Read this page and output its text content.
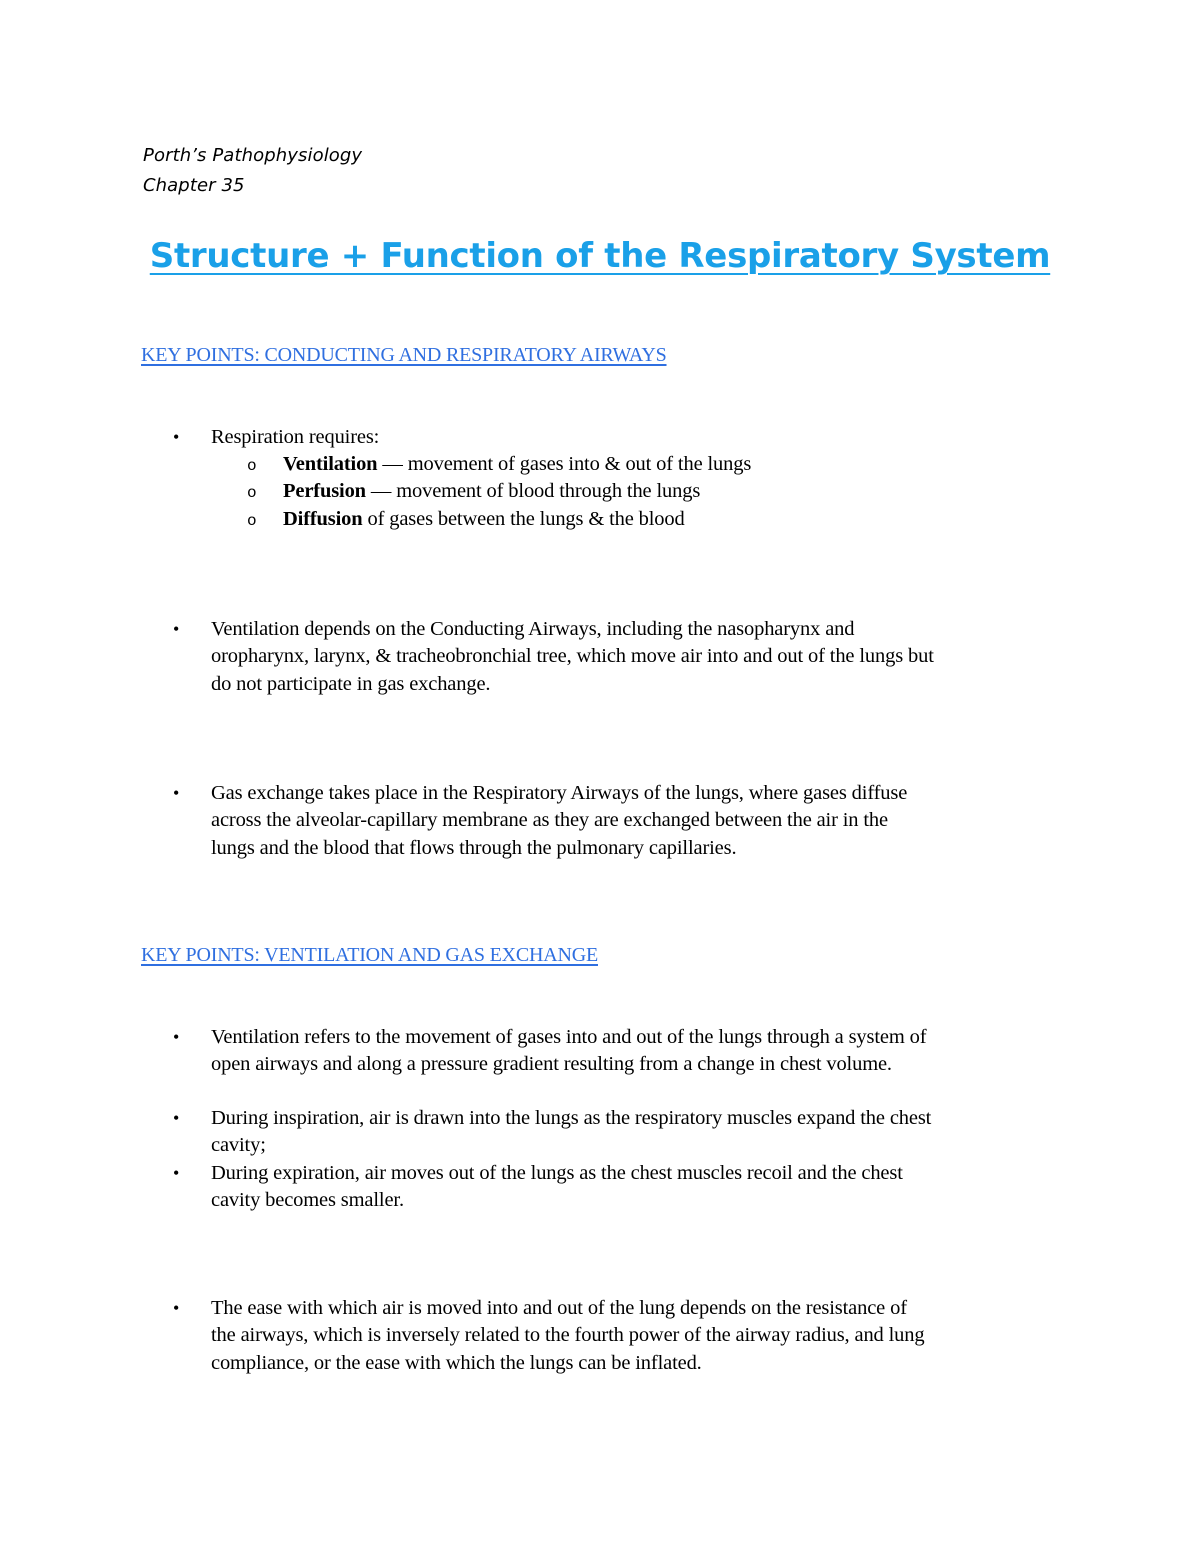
Porth’s Pathophysiology
Chapter 35
Structure + Function of the Respiratory System
KEY POINTS: CONDUCTING AND RESPIRATORY AIRWAYS
• Respiration requires:
o Ventilation — movement of gases into & out of the lungs
o Perfusion — movement of blood through the lungs
o Diffusion of gases between the lungs & the blood
• Ventilation depends on the Conducting Airways, including the nasopharynx and
oropharynx, larynx, & tracheobronchial tree, which move air into and out of the lungs but
do not participate in gas exchange.
• Gas exchange takes place in the Respiratory Airways of the lungs, where gases diffuse
across the alveolar-capillary membrane as they are exchanged between the air in the
lungs and the blood that flows through the pulmonary capillaries.
KEY POINTS: VENTILATION AND GAS EXCHANGE
• Ventilation refers to the movement of gases into and out of the lungs through a system of
open airways and along a pressure gradient resulting from a change in chest volume.
• During inspiration, air is drawn into the lungs as the respiratory muscles expand the chest
cavity;
• During expiration, air moves out of the lungs as the chest muscles recoil and the chest
cavity becomes smaller.
• The ease with which air is moved into and out of the lung depends on the resistance of
the airways, which is inversely related to the fourth power of the airway radius, and lung
compliance, or the ease with which the lungs can be inflated.
